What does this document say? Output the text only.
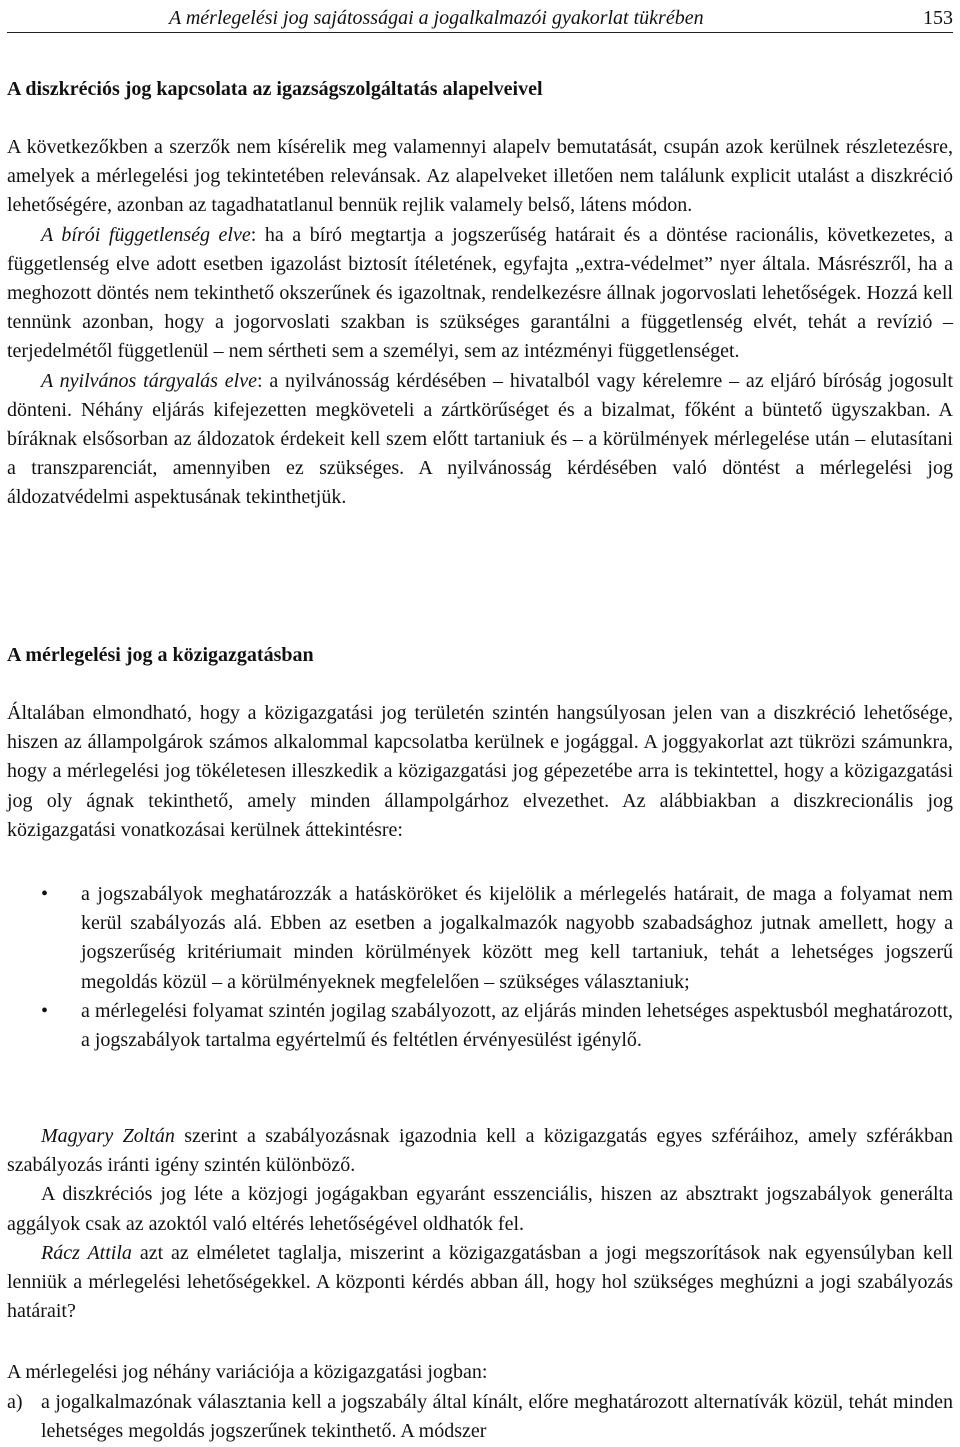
A mérlegelési jog sajátosságai a jogalkalmazói gyakorlat tükrében	153
A diszkréciós jog kapcsolata az igazságszolgáltatás alapelveivel

A következőkben a szerzők nem kísérelik meg valamennyi alapelv bemutatását, csupán azok kerülnek részletezésre, amelyek a mérlegelési jog tekintetében relevánsak. Az alapelveket illetően nem találunk explicit utalást a diszkréció lehetőségére, azonban az tagadhatatlanul bennük rejlik valamely belső, látens módon.

A bírói függetlenség elve: ha a bíró megtartja a jogszerűség határait és a döntése racionális, következetes, a függetlenség elve adott esetben igazolást biztosít ítéletének, egyfajta „extra-védelmet” nyer általa. Másrészről, ha a meghozott döntés nem tekinthető okszerűnek és igazoltnak, rendelkezésre állnak jogorvoslati lehetőségek. Hozzá kell tennünk azonban, hogy a jogorvoslati szakban is szükséges garantálni a függetlenség elvét, tehát a revízió – terjedelmétől függetlenül – nem sértheti sem a személyi, sem az intézményi függetlenséget.

A nyilvános tárgyalás elve: a nyilvánosság kérdésében – hivatalból vagy kérelemre – az eljáró bíróság jogosult dönteni. Néhány eljárás kifejezetten megköveteli a zártkörűséget és a bizalmat, főként a büntető ügyszakban. A bíráknak elsősorban az áldozatok érdekeit kell szem előtt tartaniuk és – a körülmények mérlegelése után – elutasítani a transzparenciát, amennyiben ez szükséges. A nyilvánosság kérdésében való döntést a mérlegelési jog áldozatvédelmi aspektusának tekinthetjük.

A mérlegelési jog a közigazgatásban

Általában elmondható, hogy a közigazgatási jog területén szintén hangsúlyosan jelen van a diszkréció lehetősége, hiszen az állampolgárok számos alkalommal kapcsolatba kerülnek e jogággal. A joggyakorlat azt tükrözi számunkra, hogy a mérlegelési jog tökéletesen illeszkedik a közigazgatási jog gépezetébe arra is tekintettel, hogy a közigazgatási jog oly ágnak tekinthető, amely minden állampolgárhoz elvezethet. Az alábbiakban a diszkrecionális jog közigazgatási vonatkozásai kerülnek áttekintésre:

• a jogszabályok meghatározzák a hatásköröket és kijelölik a mérlegelés határait, de maga a folyamat nem kerül szabályozás alá. Ebben az esetben a jogalkalmazók nagyobb szabadsághoz jutnak amellett, hogy a jogszerűség kritériumait minden körülmények között meg kell tartaniuk, tehát a lehetséges jogszerű megoldás közül – a körülményeknek megfelelően – szükséges választaniuk;
• a mérlegelési folyamat szintén jogilag szabályozott, az eljárás minden lehetséges aspektusból meghatározott, a jogszabályok tartalma egyértelmű és feltétlen érvényesülést igénylő.

Magyary Zoltán szerint a szabályozásnak igazodnia kell a közigazgatás egyes szféráihoz, amely szférákban szabályozás iránti igény szintén különböző.

A diszkréciós jog léte a közjogi jogágakban egyaránt esszenciális, hiszen az absztrakt jogszabályok generálta aggályok csak az azoktól való eltérés lehetőségével oldhatók fel.

Rácz Attila azt az elméletet taglalja, miszerint a közigazgatásban a jogi megszorítások nak egyensúlyban kell lenniük a mérlegelési lehetőségekkel. A központi kérdés abban áll, hogy hol szükséges meghúzni a jogi szabályozás határait?

A mérlegelési jog néhány variációja a közigazgatási jogban:

a) a jogalkalmazónak választania kell a jogszabály által kínált, előre meghatározott alternatívák közül, tehát minden lehetséges megoldás jogszerűnek tekinthető. A módszer
